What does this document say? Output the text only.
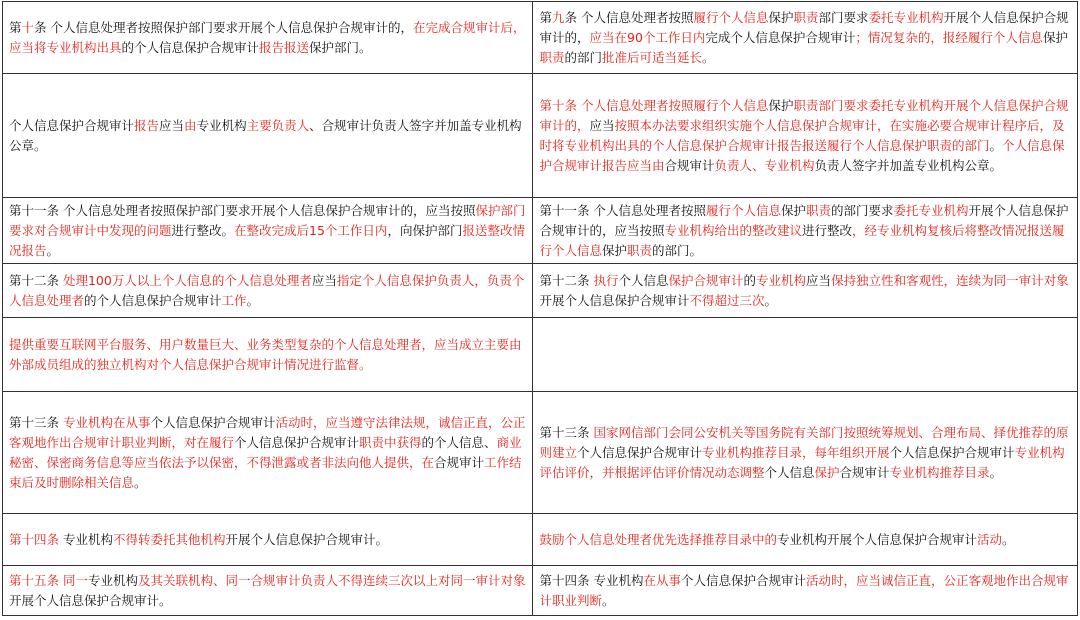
第十条 个人信息处理者按照保护部门要求开展个人信息保护合规审计的，在完成合规审计后，应当将专业机构出具的个人信息保护合规审计报告报送保护部门。	第九条 个人信息处理者按照履行个人信息保护职责部门要求委托专业机构开展个人信息保护合规审计的，应当在90个工作日内完成个人信息保护合规审计；情况复杂的，报经履行个人信息保护职责的部门批准后可适当延长。
个人信息保护合规审计报告应当由专业机构主要负责人、合规审计负责人签字并加盖专业机构公章。	第十条 个人信息处理者按照履行个人信息保护职责部门要求委托专业机构开展个人信息保护合规审计的，应当按照本办法要求组织实施个人信息保护合规审计，在实施必要合规审计程序后，及时将专业机构出具的个人信息保护合规审计报告报送履行个人信息保护职责的部门。个人信息保护合规审计报告应当由合规审计负责人、专业机构负责人签字并加盖专业机构公章。
第十一条 个人信息处理者按照保护部门要求开展个人信息保护合规审计的，应当按照保护部门要求对合规审计中发现的问题进行整改。在整改完成后15个工作日内，向保护部门报送整改情况报告。	第十一条 个人信息处理者按照履行个人信息保护职责的部门要求委托专业机构开展个人信息保护合规审计的，应当按照专业机构给出的整改建议进行整改，经专业机构复核后将整改情况报送履行个人信息保护职责的部门。
第十二条 处理100万人以上个人信息的个人信息处理者应当指定个人信息保护负责人，负责个人信息处理者的个人信息保护合规审计工作。	第十二条 执行个人信息保护合规审计的专业机构应当保持独立性和客观性，连续为同一审计对象开展个人信息保护合规审计不得超过三次。
提供重要互联网平台服务、用户数量巨大、业务类型复杂的个人信息处理者，应当成立主要由外部成员组成的独立机构对个人信息保护合规审计情况进行监督。	
第十三条 专业机构在从事个人信息保护合规审计活动时，应当遵守法律法规，诚信正直，公正客观地作出合规审计职业判断，对在履行个人信息保护合规审计职责中获得的个人信息、商业秘密、保密商务信息等应当依法予以保密，不得泄露或者非法向他人提供，在合规审计工作结束后及时删除相关信息。	第十三条 国家网信部门会同公安机关等国务院有关部门按照统筹规划、合理布局、择优推荐的原则建立个人信息保护合规审计专业机构推荐目录，每年组织开展个人信息保护合规审计专业机构评估评价，并根据评估评价情况动态调整个人信息保护合规审计专业机构推荐目录。
第十四条 专业机构不得转委托其他机构开展个人信息保护合规审计。	鼓励个人信息处理者优先选择推荐目录中的专业机构开展个人信息保护合规审计活动。
第十五条 同一专业机构及其关联机构、同一合规审计负责人不得连续三次以上对同一审计对象开展个人信息保护合规审计。	第十四条 专业机构在从事个人信息保护合规审计活动时，应当诚信正直，公正客观地作出合规审计职业判断。
